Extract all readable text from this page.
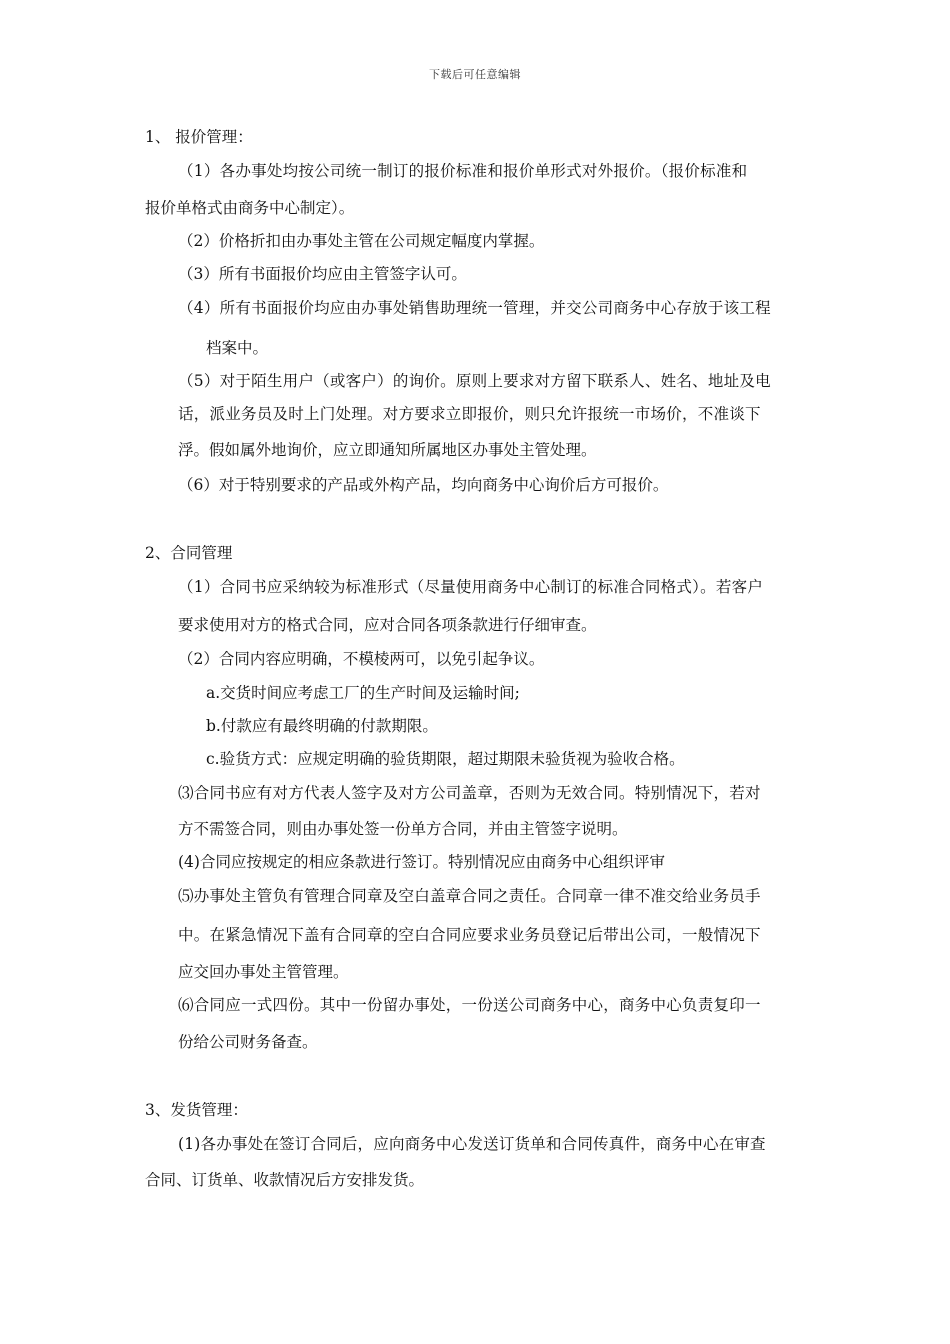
下载后可任意编辑
1、 报价管理：
（1）各办事处均按公司统一制订的报价标准和报价单形式对外报价。（报价标准和
报价单格式由商务中心制定）。
（2）价格折扣由办事处主管在公司规定幅度内掌握。
（3）所有书面报价均应由主管签字认可。
（4）所有书面报价均应由办事处销售助理统一管理，并交公司商务中心存放于该工程
档案中。
（5）对于陌生用户（或客户）的询价。原则上要求对方留下联系人、姓名、地址及电
话，派业务员及时上门处理。对方要求立即报价，则只允许报统一市场价，不准谈下
浮。假如属外地询价，应立即通知所属地区办事处主管处理。
（6）对于特别要求的产品或外构产品，均向商务中心询价后方可报价。
2、合同管理
（1）合同书应采纳较为标准形式（尽量使用商务中心制订的标准合同格式）。若客户
要求使用对方的格式合同，应对合同各项条款进行仔细审查。
（2）合同内容应明确，不模棱两可，以免引起争议。
a.交货时间应考虑工厂的生产时间及运输时间;
b.付款应有最终明确的付款期限。
c.验货方式：应规定明确的验货期限，超过期限未验货视为验收合格。
⑶合同书应有对方代表人签字及对方公司盖章，否则为无效合同。特别情况下，若对
方不需签合同，则由办事处签一份单方合同，并由主管签字说明。
(4)合同应按规定的相应条款进行签订。特别情况应由商务中心组织评审
⑸办事处主管负有管理合同章及空白盖章合同之责任。合同章一律不准交给业务员手
中。在紧急情况下盖有合同章的空白合同应要求业务员登记后带出公司，一般情况下
应交回办事处主管管理。
⑹合同应一式四份。其中一份留办事处，一份送公司商务中心，商务中心负责复印一
份给公司财务备查。
3、发货管理：
(1)各办事处在签订合同后，应向商务中心发送订货单和合同传真件，商务中心在审查
合同、订货单、收款情况后方安排发货。
